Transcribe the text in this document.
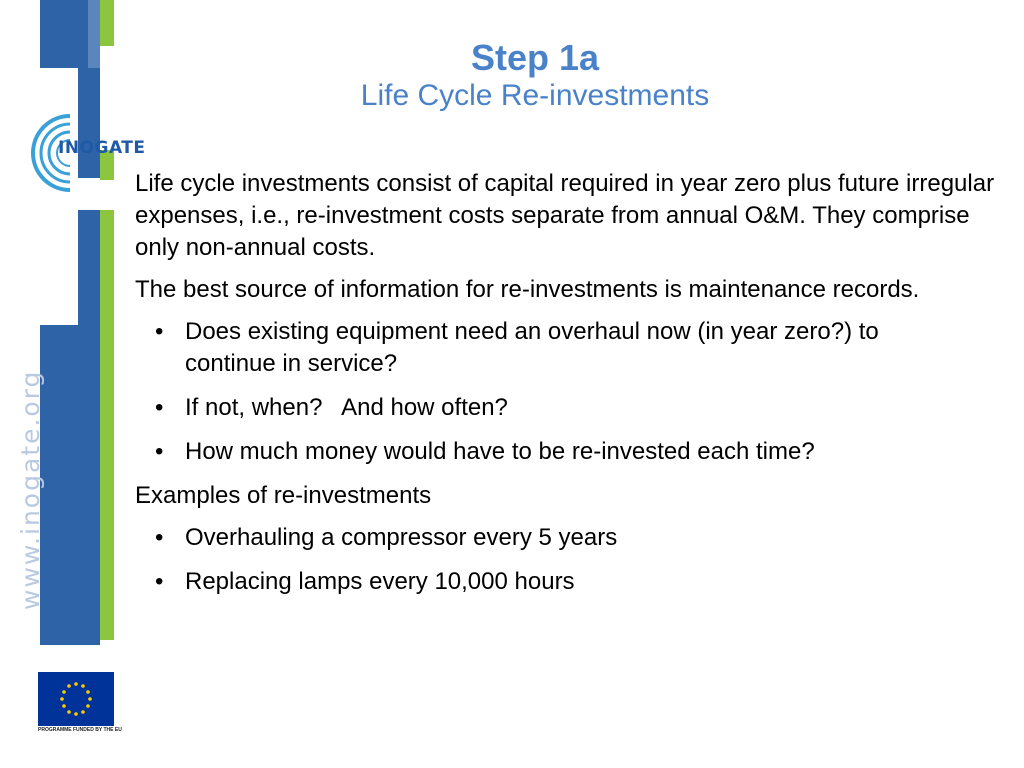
www.inogate.org
PROGRAMME FUNDED BY THE EU
INOGATE
Step 1a
Life Cycle Re-investments

Life cycle investments consist of capital required in year zero plus future irregular expenses, i.e., re-investment costs separate from annual O&M. They comprise only non-annual costs.

The best source of information for re-investments is maintenance records.

• Does existing equipment need an overhaul now (in year zero?) to continue in service?
• If not, when?   And how often?
• How much money would have to be re-invested each time?

Examples of re-investments

• Overhauling a compressor every 5 years
• Replacing lamps every 10,000 hours
